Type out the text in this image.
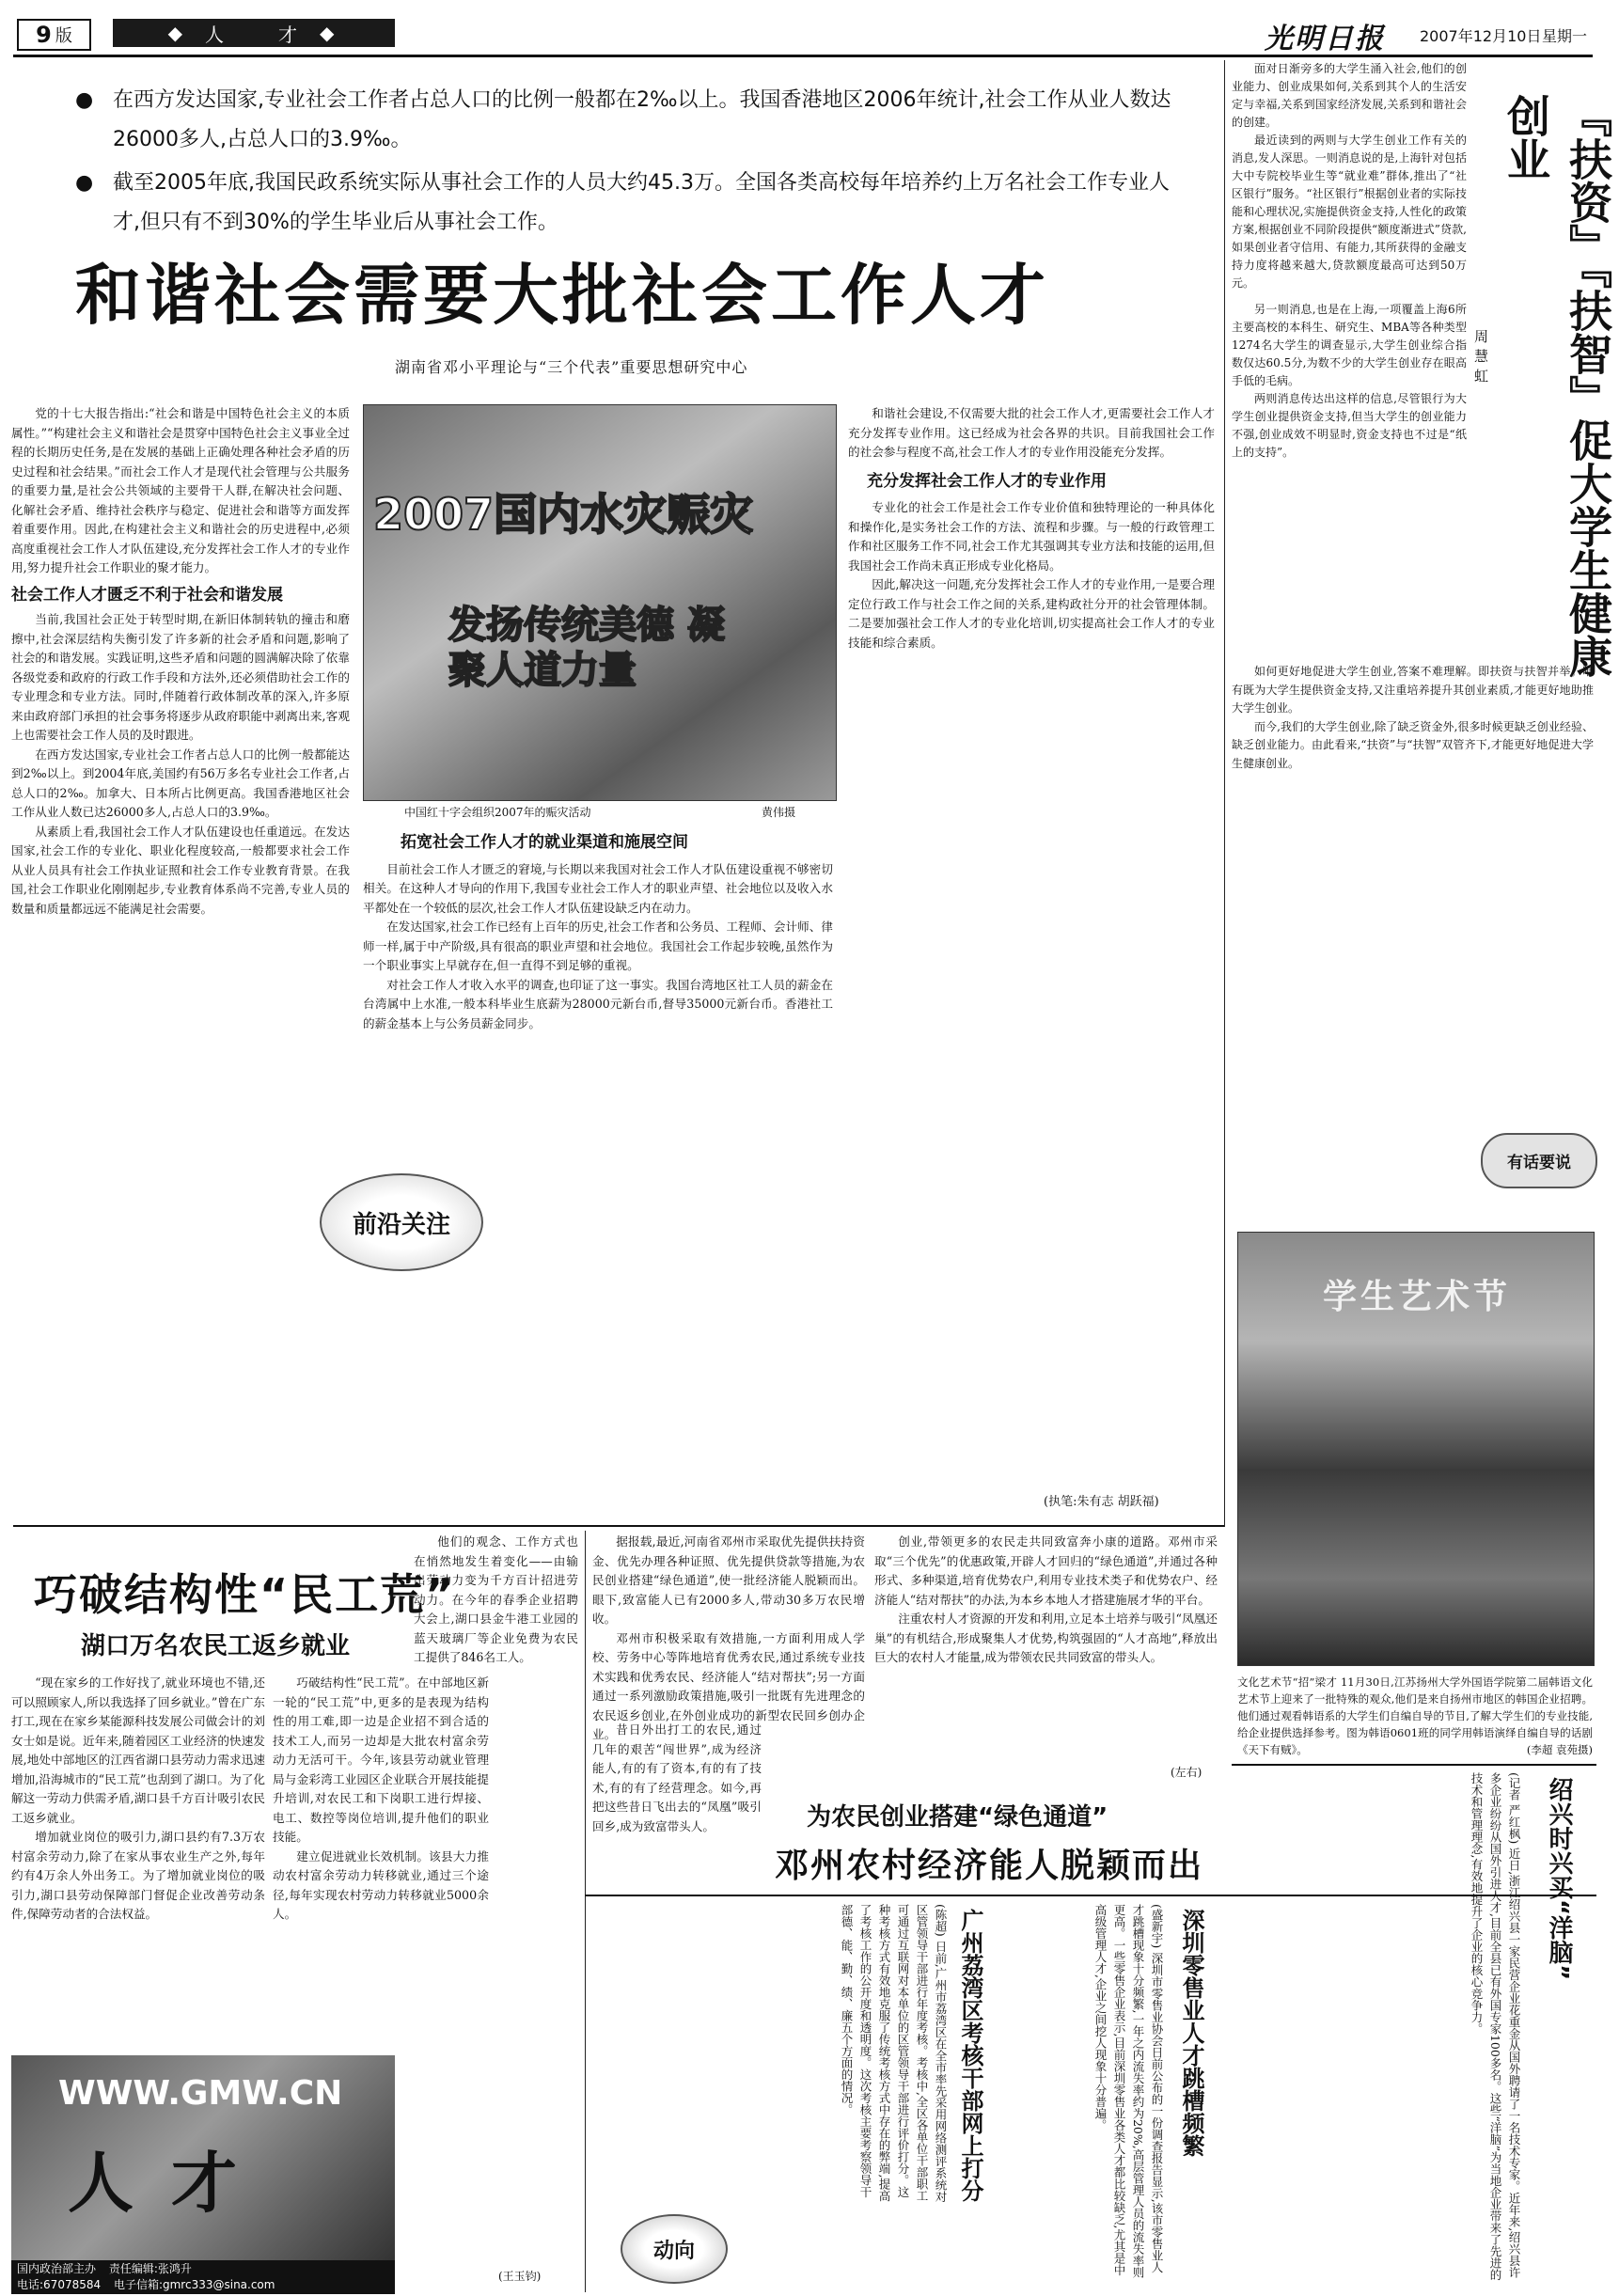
9 版	◆ 人　　才 ◆	光明日报 2007年12月10日 星期一
● 在西方发达国家,专业社会工作者占总人口的比例一般都在2‰以上。我国香港地区2006年统计,社会工作从业人数达26000多人,占总人口的3.9‰。
● 截至2005年底,我国民政系统实际从事社会工作的人员大约45.3万。全国各类高校每年培养约上万名社会工作专业人才,但只有不到30%的学生毕业后从事社会工作。
和谐社会需要大批社会工作人才
湖南省邓小平理论与“三个代表”重要思想研究中心

党的十七大报告指出:“社会和谐是中国特色社会主义的本质属性。”“构建社会主义和谐社会是贯穿中国特色社会主义事业全过程的长期历史任务,是在发展的基础上正确处理各种社会矛盾的历史过程和社会结果。”而社会工作人才是现代社会管理与公共服务的重要力量,是社会公共领域的主要骨干人群,在解决社会问题、化解社会矛盾、维持社会秩序与稳定、促进社会和谐等方面发挥着重要作用。因此,在构建社会主义和谐社会的历史进程中,必须高度重视社会工作人才队伍建设,充分发挥社会工作人才的专业作用,努力提升社会工作职业的聚才能力。

社会工作人才匮乏不利于社会和谐发展

当前,我国社会正处于转型时期,在新旧体制转轨的撞击和磨擦中,社会深层结构失衡引发了许多新的社会矛盾和问题,影响了社会的和谐发展。实践证明,这些矛盾和问题的圆满解决除了依靠各级党委和政府的行政工作手段和方法外,还必须借助社会工作的专业理念和专业方法。同时,伴随着行政体制改革的深入,许多原来由政府部门承担的社会事务将逐步从政府职能中剥离出来,客观上也需要社会工作人员的及时跟进。

在西方发达国家,专业社会工作者占总人口的比例一般都能达到2‰以上。到2004年底,美国约有56万多名专业社会工作者,占总人口的2‰。加拿大、日本所占比例更高。我国香港地区社会工作从业人数已达26000多人,占总人口的3.9‰。

从素质上看,我国社会工作人才队伍建设也任重道远。在发达国家,社会工作的专业化、职业化程度较高,一般都要求社会工作从业人员具有社会工作执业证照和社会工作专业教育背景。在我国,社会工作职业化刚刚起步,专业教育体系尚不完善,专业人员的数量和质量都远远不能满足社会需要。

前沿关注
2007国内水灾赈灾
发扬传统美德 凝聚人道力量
中国红十字会组织2007年的赈灾活动	黄伟摄
拓宽社会工作人才的就业渠道和施展空间

目前社会工作人才匮乏的窘境,与长期以来我国对社会工作人才队伍建设重视不够密切相关。在这种人才导向的作用下,我国专业社会工作人才的职业声望、社会地位以及收入水平都处在一个较低的层次,社会工作人才队伍建设缺乏内在动力。

在发达国家,社会工作已经有上百年的历史,社会工作者和公务员、工程师、会计师、律师一样,属于中产阶级,具有很高的职业声望和社会地位。我国社会工作起步较晚,虽然作为一个职业事实上早就存在,但一直得不到足够的重视。

对社会工作人才收入水平的调查,也印证了这一事实。我国台湾地区社工人员的薪金在台湾属中上水准,一般本科毕业生底薪为28000元新台币,督导35000元新台币。香港社工的薪金基本上与公务员薪金同步。

和谐社会建设,不仅需要大批的社会工作人才,更需要社会工作人才充分发挥专业作用。这已经成为社会各界的共识。目前我国社会工作的社会参与程度不高,社会工作人才的专业作用没能充分发挥。

充分发挥社会工作人才的专业作用

专业化的社会工作是社会工作专业价值和独特理论的一种具体化和操作化,是实务社会工作的方法、流程和步骤。与一般的行政管理工作和社区服务工作不同,社会工作尤其强调其专业方法和技能的运用,但我国社会工作尚未真正形成专业化格局。

因此,解决这一问题,充分发挥社会工作人才的专业作用,一是要合理定位行政工作与社会工作之间的关系,建构政社分开的社会管理体制。二是要加强社会工作人才的专业化培训,切实提高社会工作人才的专业技能和综合素质。

(执笔:朱有志 胡跃福)

面对日渐旁多的大学生涌入社会,他们的创业能力、创业成果如何,关系到其个人的生活安定与幸福,关系到国家经济发展,关系到和谐社会的创建。

最近读到的两则与大学生创业工作有关的消息,发人深思。一则消息说的是,上海针对包括大中专院校毕业生等“就业难”群体,推出了“社区银行”服务。“社区银行”根据创业者的实际技能和心理状况,实施提供资金支持,人性化的政策方案,根据创业不同阶段提供“额度渐进式”贷款,如果创业者守信用、有能力,其所获得的金融支持力度将越来越大,贷款额度最高可达到50万元。

『扶资』『扶智』促大学生健康创业
周慧虹

另一则消息,也是在上海,一项覆盖上海6所主要高校的本科生、研究生、MBA等各种类型1274名大学生的调查显示,大学生创业综合指数仅达60.5分,为数不少的大学生创业存在眼高手低的毛病。

两则消息传达出这样的信息,尽管银行为大学生创业提供资金支持,但当大学生的创业能力不强,创业成效不明显时,资金支持也不过是“纸上的支持”。

如何更好地促进大学生创业,答案不难理解。即扶资与扶智并举。唯有既为大学生提供资金支持,又注重培养提升其创业素质,才能更好地助推大学生创业。

而今,我们的大学生创业,除了缺乏资金外,很多时候更缺乏创业经验、缺乏创业能力。由此看来,“扶资”与“扶智”双管齐下,才能更好地促进大学生健康创业。

有话要说
学生艺术节
文化艺术节“招”梁才 11月30日,江苏扬州大学外国语学院第二届韩语文化艺术节上迎来了一批特殊的观众,他们是来自扬州市地区的韩国企业招聘。他们通过观看韩语系的大学生们自编自导的节目,了解大学生们的专业技能,给企业提供选择参考。图为韩语0601班的同学用韩语演绎自编自导的话剧《天下有贼》。	(李超 袁苑摄)
巧破结构性“民工荒”
湖口万名农民工返乡就业

“现在家乡的工作好找了,就业环境也不错,还可以照顾家人,所以我选择了回乡就业。”曾在广东打工,现在在家乡某能源科技发展公司做会计的刘女士如是说。近年来,随着园区工业经济的快速发展,地处中部地区的江西省湖口县劳动力需求迅速增加,沿海城市的“民工荒”也刮到了湖口。为了化解这一劳动力供需矛盾,湖口县千方百计吸引农民工返乡就业。

增加就业岗位的吸引力,湖口县约有7.3万农村富余劳动力,除了在家从事农业生产之外,每年约有4万余人外出务工。为了增加就业岗位的吸引力,湖口县劳动保障部门督促企业改善劳动条件,保障劳动者的合法权益。

巧破结构性“民工荒”。在中部地区新一轮的“民工荒”中,更多的是表现为结构性的用工难,即一边是企业招不到合适的技术工人,而另一边却是大批农村富余劳动力无活可干。今年,该县劳动就业管理局与金彩湾工业园区企业联合开展技能提升培训,对农民工和下岗职工进行焊接、电工、数控等岗位培训,提升他们的职业技能。

建立促进就业长效机制。该县大力推动农村富余劳动力转移就业,通过三个途径,每年实现农村劳动力转移就业5000余人。

他们的观念、工作方式也在悄然地发生着变化——由输出劳动力变为千方百计招进劳动力。在今年的春季企业招聘大会上,湖口县金牛港工业园的蓝天玻璃厂等企业免费为农民工提供了846名工人。

(王玉钧)

据报载,最近,河南省邓州市采取优先提供扶持资金、优先办理各种证照、优先提供贷款等措施,为农民创业搭建“绿色通道”,使一批经济能人脱颖而出。眼下,致富能人已有2000多人,带动30多万农民增收。

邓州市积极采取有效措施,一方面利用成人学校、劳务中心等阵地培育优秀农民,通过系统专业技术实践和优秀农民、经济能人“结对帮扶”;另一方面通过一系列激励政策措施,吸引一批既有先进理念的农民返乡创业,在外创业成功的新型农民回乡创办企业。

创业,带领更多的农民走共同致富奔小康的道路。邓州市采取“三个优先”的优惠政策,开辟人才回归的“绿色通道”,并通过各种形式、多种渠道,培育优势农户,利用专业技术类子和优势农户、经济能人“结对帮扶”的办法,为本乡本地人才搭建施展才华的平台。

注重农村人才资源的开发和利用,立足本土培养与吸引“凤凰还巢”的有机结合,形成聚集人才优势,构筑强固的“人才高地”,释放出巨大的农村人才能量,成为带领农民共同致富的带头人。

(左右)
为农民创业搭建“绿色通道”
邓州农村经济能人脱颖而出

昔日外出打工的农民,通过几年的艰苦“闯世界”,成为经济能人,有的有了资本,有的有了技术,有的有了经营理念。如今,再把这些昔日飞出去的“凤凰”吸引回乡,成为致富带头人。

WWW.GMW.CN
人才
国内政治部主办 责任编辑:张鸿升
电话:67078584 电子信箱:gmrc333@sina.com
动向
(陈超) 日前,广州市荔湾区在全市率先采用网络测评系统对区管领导干部进行年度考核。考核中,全区各单位干部职工可通过互联网对本单位的区管领导干部进行评价打分。这种考核方式有效地克服了传统考核方式中存在的弊端,提高了考核工作的公开度和透明度。这次考核主要考察领导干部德、能、勤、绩、廉五个方面的情况。	广州荔湾区考核干部网上打分	(盛新宇) 深圳市零售业协会日前公布的一份调查报告显示,该市零售业人才跳槽现象十分频繁,一年之内流失率约为20%,高层管理人员的流失率则更高。一些零售企业表示,目前深圳零售业各类人才都比较缺乏,尤其是中高级管理人才,企业之间挖人现象十分普遍。	深圳零售业人才跳槽频繁
(记者 严红枫) 近日,浙江绍兴县一家民营企业花重金从国外聘请了一名技术专家。近年来,绍兴县许多企业纷纷从国外引进人才,目前全县已有外国专家100多名。这些“洋脑”为当地企业带来了先进的技术和管理理念,有效地提升了企业的核心竞争力。	绍兴时兴买“洋脑”
